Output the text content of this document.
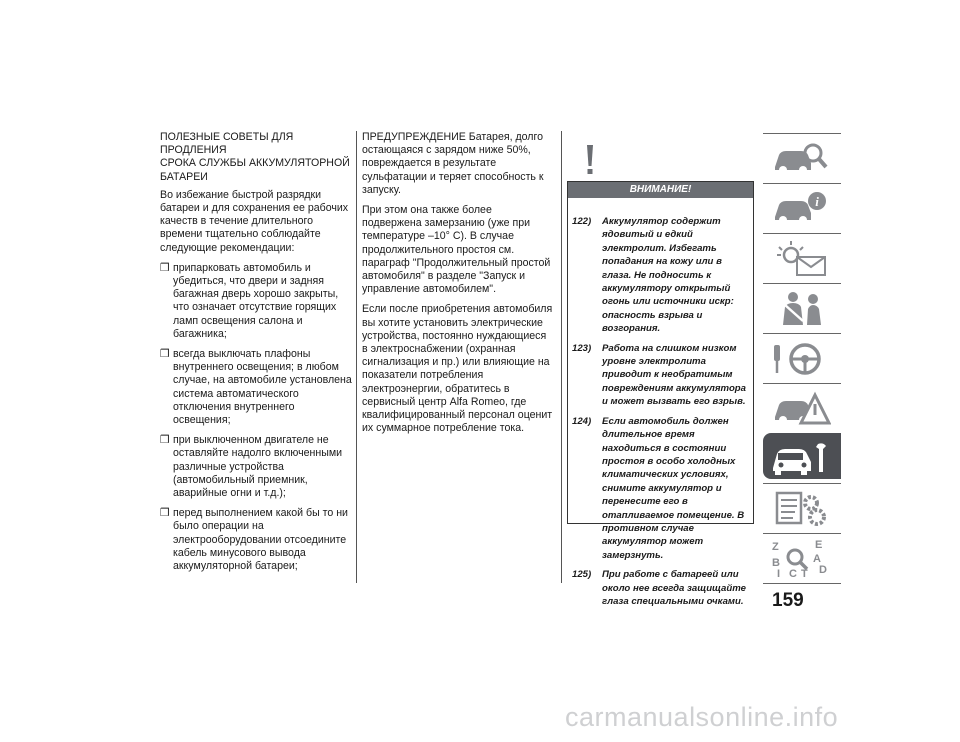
ПОЛЕЗНЫЕ СОВЕТЫ ДЛЯ ПРОДЛЕНИЯ
СРОКА СЛУЖБЫ АККУМУЛЯТОРНОЙ
БАТАРЕИ

Во избежание быстрой разрядки батареи и для сохранения ее рабочих качеств в течение длительного времени тщательно соблюдайте следующие рекомендации:

❒ припарковать автомобиль и убедиться, что двери и задняя багажная дверь хорошо закрыты, что означает отсутствие горящих ламп освещения салона и багажника;
❒ всегда выключать плафоны внутреннего освещения; в любом случае, на автомобиле установлена система автоматического отключения внутреннего освещения;
❒ при выключенном двигателе не оставляйте надолго включенными различные устройства (автомобильный приемник, аварийные огни и т.д.);
❒ перед выполнением какой бы то ни было операции на электрооборудовании отсоедините кабель минусового вывода аккумуляторной батареи;

ПРЕДУПРЕЖДЕНИЕ Батарея, долго остающаяся с зарядом ниже 50%, повреждается в результате сульфатации и теряет способность к запуску.

При этом она также более подвержена замерзанию (уже при температуре –10° C). В случае продолжительного простоя см. параграф "Продолжительный простой автомобиля" в разделе "Запуск и управление автомобилем".

Если после приобретения автомобиля вы хотите установить электрические устройства, постоянно нуждающиеся в электроснабжении (охранная сигнализация и пр.) или влияющие на показатели потребления электроэнергии, обратитесь в сервисный центр Alfa Romeo, где квалифицированный персонал оценит их суммарное потребление тока.

ВНИМАНИЕ!
122) Аккумулятор содержит ядовитый и едкий электролит. Избегать попадания на кожу или в глаза. Не подносить к аккумулятору открытый огонь или источники искр: опасность взрыва и возгорания.
123) Работа на слишком низком уровне электролита приводит к необратимым повреждениям аккумулятора и может вызвать его взрыв.
124) Если автомобиль должен длительное время находиться в состоянии простоя в особо холодных климатических условиях, снимите аккумулятор и перенесите его в отапливаемое помещение. В противном случае аккумулятор может замерзнуть.
125) При работе с батареей или около нее всегда защищайте глаза специальными очками.
i
Z	E
B	A
I C T D
159
carmanualsonline.info
